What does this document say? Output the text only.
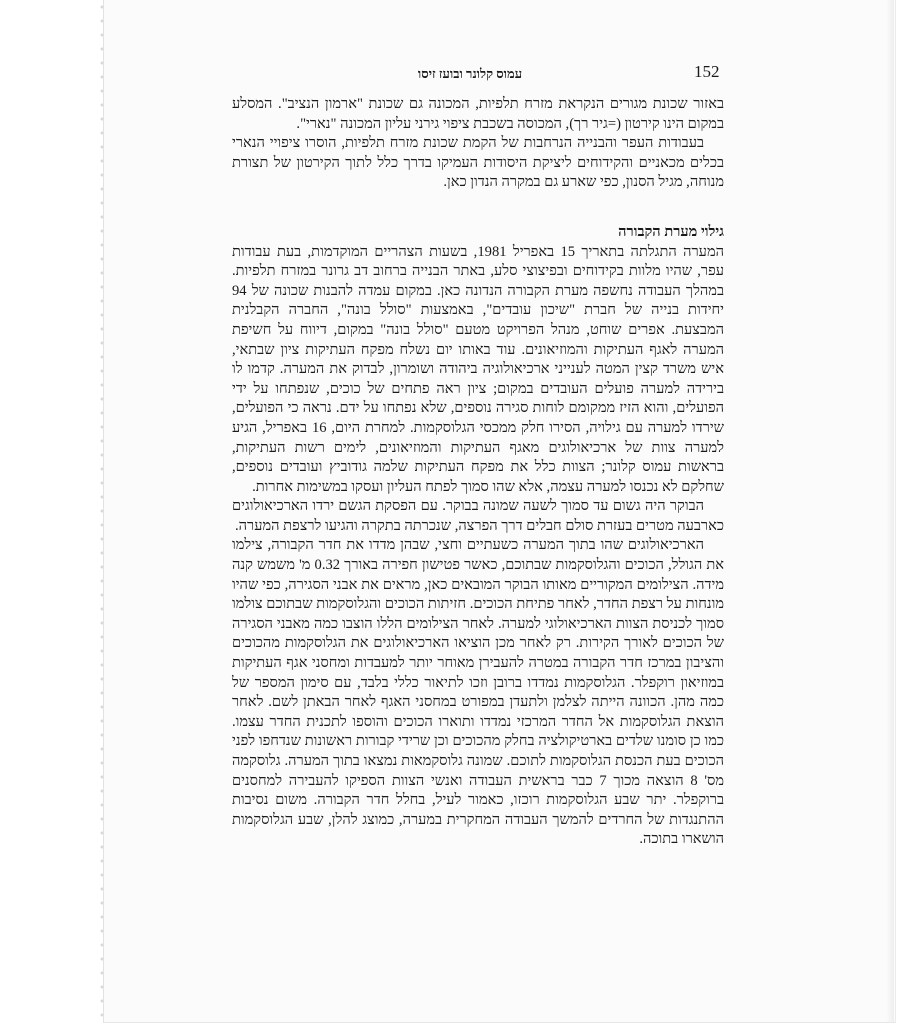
152
עמוס קלונר ובועז זיסו

באזור שכונת מגורים הנקראת מזרח תלפיות, המכונה גם שכונת "ארמון הנציב". המסלע במקום הינו קירטון (=גיר רך), המכוסה בשכבת ציפוי גירני עליון המכונה "נארי".

בעבודות העפר והבנייה הנרחבות של הקמת שכונת מזרח תלפיות, הוסרו ציפויי הנארי בכלים מכאניים והקידוחים ליציקת היסודות העמיקו בדרך כלל לתוך הקירטון של תצורת מנוחה, מגיל הסנון, כפי שארע גם במקרה הנדון כאן.

גילוי מערת הקבורה

המערה התגלתה בתאריך 15 באפריל 1981, בשעות הצהריים המוקדמות, בעת עבודות עפר, שהיו מלוות בקידוחים ובפיצוצי סלע, באתר הבנייה ברחוב דב גרונר במזרח תלפיות. במהלך העבודה נחשפה מערת הקבורה הנדונה כאן. במקום עמדה להבנות שכונה של 94 יחידות בנייה של חברת "שיכון עובדים", באמצעות "סולל בונה", החברה הקבלנית המבצעת. אפרים שוחט, מנהל הפרויקט מטעם "סולל בונה" במקום, דיווח על חשיפת המערה לאגף העתיקות והמוזיאונים. עוד באותו יום נשלח מפקח העתיקות ציון שבתאי, איש משרד קצין המטה לענייני ארכיאולוגיה ביהודה ושומרון, לבדוק את המערה. קדמו לו בירידה למערה פועלים העובדים במקום; ציון ראה פתחים של כוכים, שנפתחו על ידי הפועלים, והוא הזיז ממקומם לוחות סגירה נוספים, שלא נפתחו על ידם. נראה כי הפועלים, שירדו למערה עם גילויה, הסירו חלק ממכסי הגלוסקמות. למחרת היום, 16 באפריל, הגיע למערה צוות של ארכיאולוגים מאגף העתיקות והמוזיאונים, לימים רשות העתיקות, בראשות עמוס קלונר; הצוות כלל את מפקח העתיקות שלמה גודוביץ ועובדים נוספים, שחלקם לא נכנסו למערה עצמה, אלא שהו סמוך לפתח העליון ועסקו במשימות אחרות.

הבוקר היה גשום עד סמוך לשעה שמונה בבוקר. עם הפסקת הגשם ירדו הארכיאולוגים כארבעה מטרים בעזרת סולם חבלים דרך הפרצה, שנכרתה בתקרה והגיעו לרצפת המערה.

הארכיאולוגים שהו בתוך המערה כשעתיים וחצי, שבהן מדדו את חדר הקבורה, צילמו את הגולל, הכוכים והגלוסקמות שבתוכם, כאשר פטישון חפירה באורך 0.32 מ' משמש קנה מידה. הצילומים המקוריים מאותו הבוקר המובאים כאן, מראים את אבני הסגירה, כפי שהיו מונחות על רצפת החדר, לאחר פתיחת הכוכים. חזיתות הכוכים והגלוסקמות שבתוכם צולמו סמוך לכניסת הצוות הארכיאולוגי למערה. לאחר הצילומים הללו הוצבו כמה מאבני הסגירה של הכוכים לאורך הקירות. רק לאחר מכן הוציאו הארכיאולוגים את הגלוסקמות מהכוכים והציבון במרכז חדר הקבורה במטרה להעבירן מאוחר יותר למעבדות ומחסני אגף העתיקות במוזיאון רוקפלר. הגלוסקמות נמדדו ברובן וזכו לתיאור כללי בלבד, עם סימון המספר של כמה מהן. הכוונה הייתה לצלמן ולתעדן במפורט במחסני האגף לאחר הבאתן לשם. לאחר הוצאת הגלוסקמות אל החדר המרכזי נמדדו ותוארו הכוכים והוספו לתכנית החדר עצמו. כמו כן סומנו שלדים בארטיקולציה בחלק מהכוכים וכן שרידי קבורות ראשונות שנדחפו לפני הכוכים בעת הכנסת הגלוסקמות לתוכם. שמונה גלוסקמאות נמצאו בתוך המערה. גלוסקמה מס' 8 הוצאה מכוך 7 כבר בראשית העבודה ואנשי הצוות הספיקו להעבירה למחסנים ברוקפלר. יתר שבע הגלוסקמות רוכזו, כאמור לעיל, בחלל חדר הקבורה. משום נסיבות ההתנגדות של החרדים להמשך העבודה המחקרית במערה, כמוצג להלן, שבע הגלוסקמות הושארו בתוכה.
